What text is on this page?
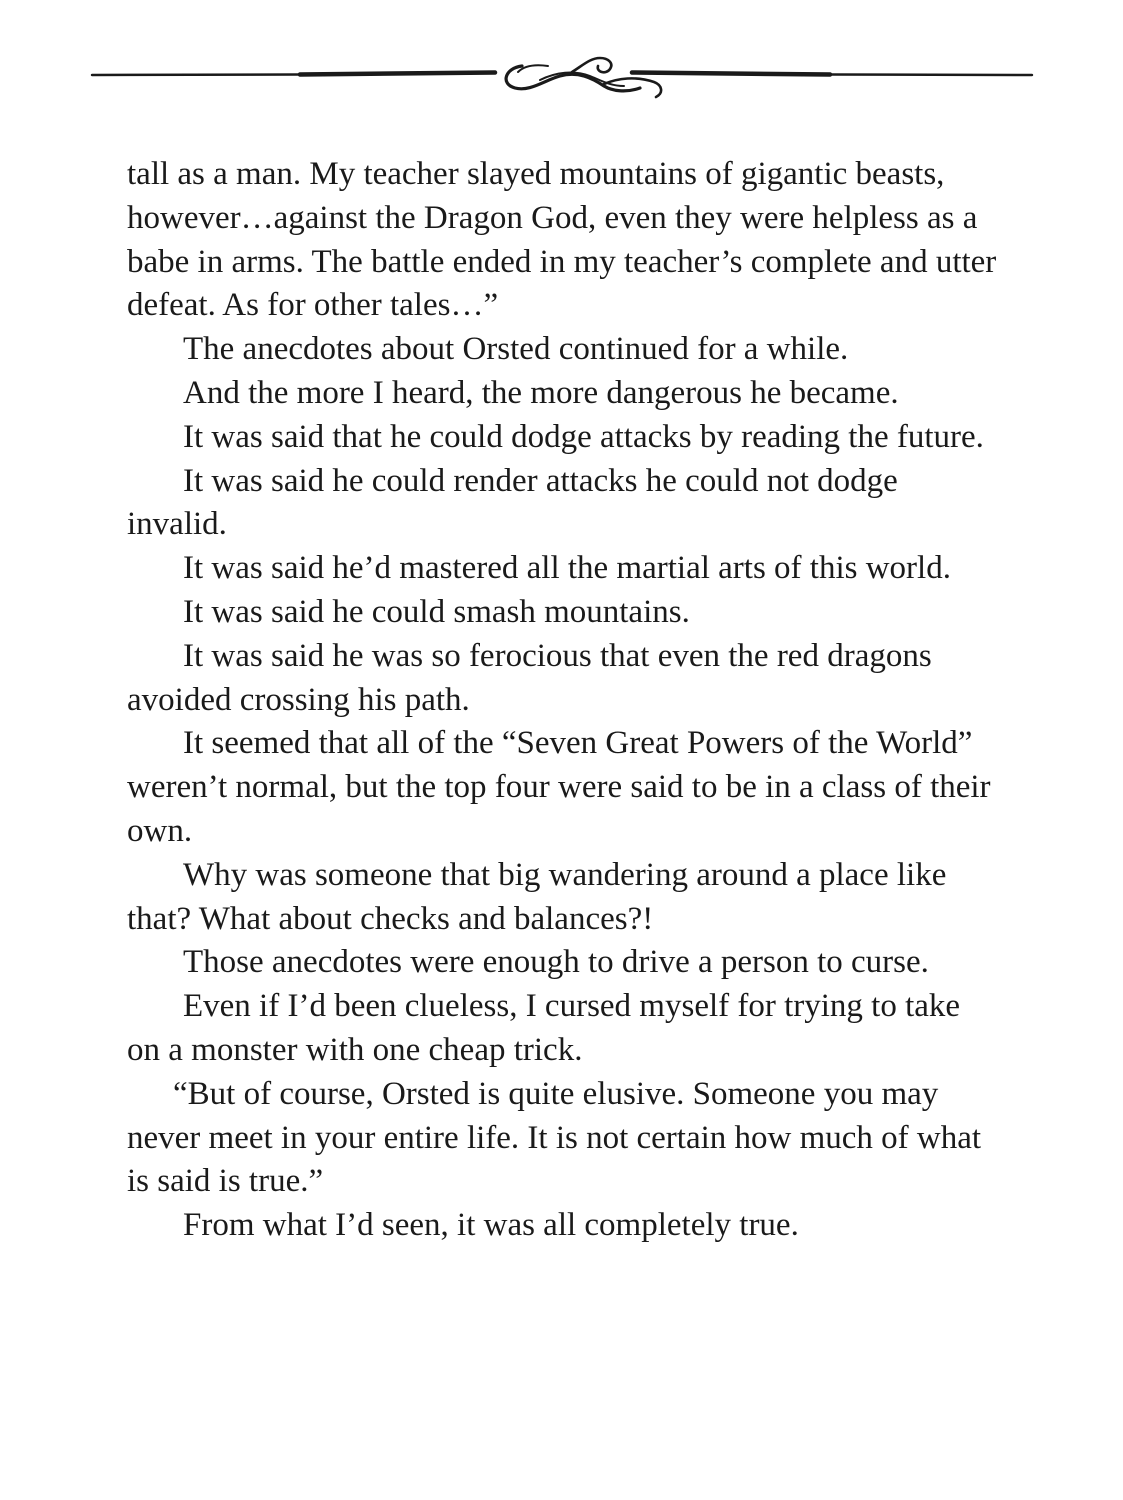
tall as a man. My teacher slayed mountains of gigantic beasts, however…against the Dragon God, even they were helpless as a babe in arms. The battle ended in my teacher’s complete and utter defeat. As for other tales…”

The anecdotes about Orsted continued for a while.

And the more I heard, the more dangerous he became.

It was said that he could dodge attacks by reading the future.

It was said he could render attacks he could not dodge invalid.

It was said he’d mastered all the martial arts of this world.

It was said he could smash mountains.

It was said he was so ferocious that even the red dragons avoided crossing his path.

It seemed that all of the “Seven Great Powers of the World” weren’t normal, but the top four were said to be in a class of their own.

Why was someone that big wandering around a place like that? What about checks and balances?!

Those anecdotes were enough to drive a person to curse.

Even if I’d been clueless, I cursed myself for trying to take on a monster with one cheap trick.

“But of course, Orsted is quite elusive. Someone you may never meet in your entire life. It is not certain how much of what is said is true.”

From what I’d seen, it was all completely true.
